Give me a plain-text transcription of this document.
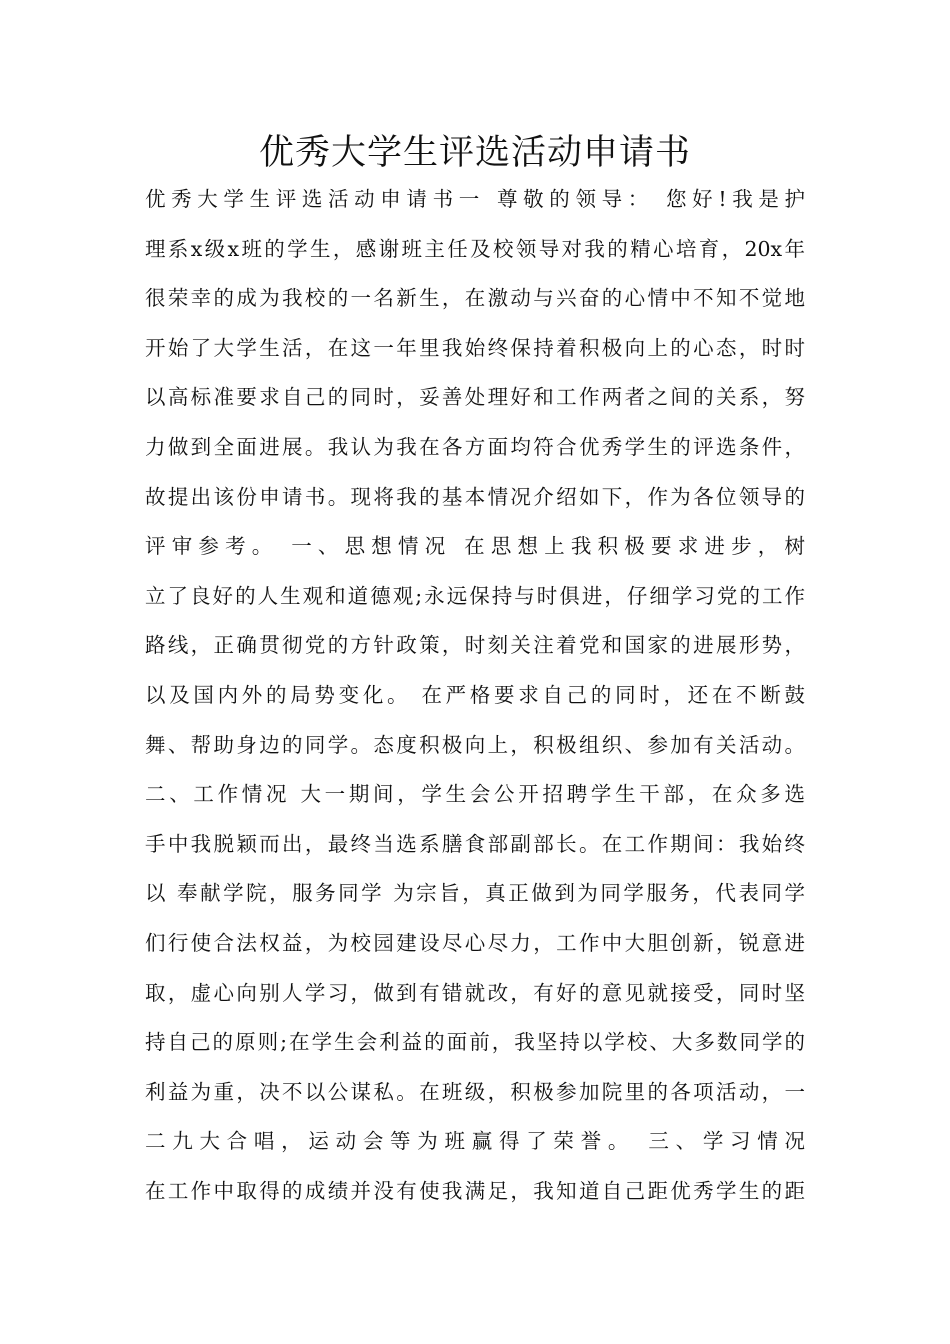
优秀大学生评选活动申请书
优秀大学生评选活动申请书一 尊敬的领导： 您好!我是护
理系x级x班的学生，感谢班主任及校领导对我的精心培育，20x年
很荣幸的成为我校的一名新生，在激动与兴奋的心情中不知不觉地
开始了大学生活，在这一年里我始终保持着积极向上的心态，时时
以高标准要求自己的同时，妥善处理好和工作两者之间的关系，努
力做到全面进展。我认为我在各方面均符合优秀学生的评选条件，
故提出该份申请书。现将我的基本情况介绍如下，作为各位领导的
评审参考。 一、思想情况 在思想上我积极要求进步，树
立了良好的人生观和道德观;永远保持与时俱进，仔细学习党的工作
路线，正确贯彻党的方针政策，时刻关注着党和国家的进展形势，
以及国内外的局势变化。 在严格要求自己的同时，还在不断鼓
舞、帮助身边的同学。态度积极向上，积极组织、参加有关活动。
二、工作情况 大一期间，学生会公开招聘学生干部，在众多选
手中我脱颖而出，最终当选系膳食部副部长。在工作期间：我始终
以 奉献学院，服务同学 为宗旨，真正做到为同学服务，代表同学
们行使合法权益，为校园建设尽心尽力，工作中大胆创新，锐意进
取，虚心向别人学习，做到有错就改，有好的意见就接受，同时坚
持自己的原则;在学生会利益的面前，我坚持以学校、大多数同学的
利益为重，决不以公谋私。在班级，积极参加院里的各项活动，一
二九大合唱，运动会等为班赢得了荣誉。 三、学习情况
在工作中取得的成绩并没有使我满足，我知道自己距优秀学生的距
